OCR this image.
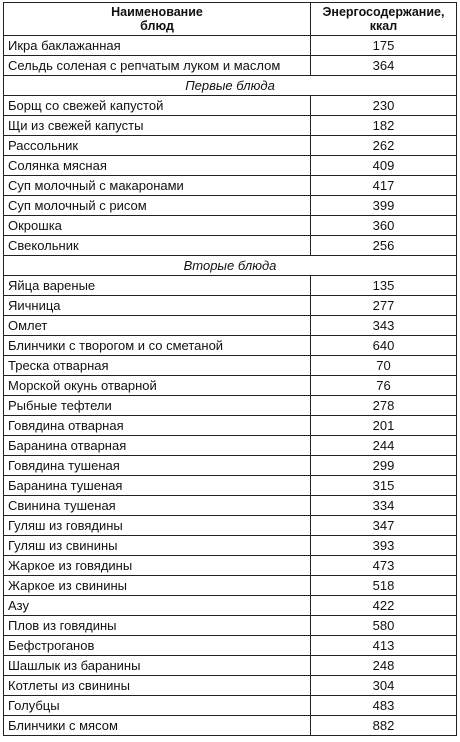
Наименование
блюд	Энергосодержание,
ккал

Икра баклажанная	175
Сельдь соленая с репчатым луком и маслом	364
Первые блюда	
Борщ со свежей капустой	230
Щи из свежей капусты	182
Рассольник	262
Солянка мясная	409
Суп молочный с макаронами	417
Суп молочный с рисом	399
Окрошка	360
Свекольник	256
Вторые блюда	
Яйца вареные	135
Яичница	277
Омлет	343
Блинчики с творогом и со сметаной	640
Треска отварная	70
Морской окунь отварной	76
Рыбные тефтели	278
Говядина отварная	201
Баранина отварная	244
Говядина тушеная	299
Баранина тушеная	315
Свинина тушеная	334
Гуляш из говядины	347
Гуляш из свинины	393
Жаркое из говядины	473
Жаркое из свинины	518
Азу	422
Плов из говядины	580
Бефстроганов	413
Шашлык из баранины	248
Котлеты из свинины	304
Голубцы	483
Блинчики с мясом	882
